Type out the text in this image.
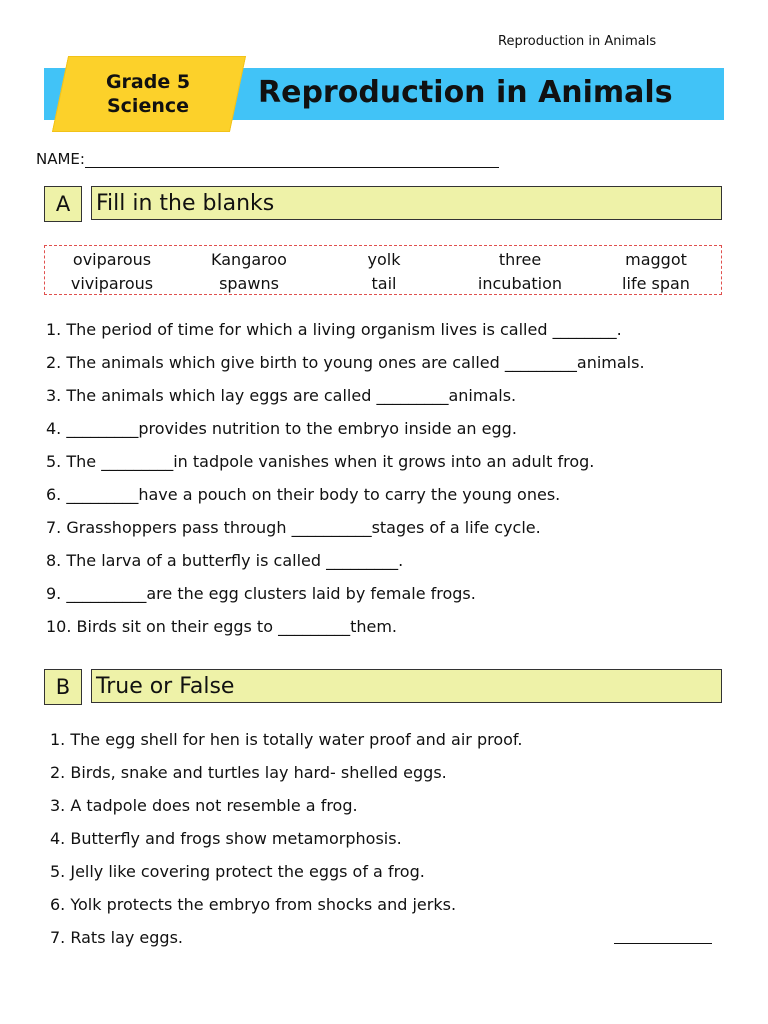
Reproduction in Animals
Grade 5
Science	Reproduction in Animals
NAME:
A	Fill in the blanks
oviparous	Kangaroo	yolk	three	maggot
viviparous	spawns	tail	incubation	life span
1. The period of time for which a living organism lives is called ________.
2. The animals which give birth to young ones are called _________animals.
3. The animals which lay eggs are called _________animals.
4. _________provides nutrition to the embryo inside an egg.
5. The _________in tadpole vanishes when it grows into an adult frog.
6. _________have a pouch on their body to carry the young ones.
7. Grasshoppers pass through __________stages of a life cycle.
8. The larva of a butterfly is called _________.
9. __________are the egg clusters laid by female frogs.
10. Birds sit on their eggs to _________them.
B	True or False
1. The egg shell for hen is totally water proof and air proof.
2. Birds, snake and turtles lay hard- shelled eggs.
3. A tadpole does not resemble a frog.
4. Butterfly and frogs show metamorphosis.
5. Jelly like covering protect the eggs of a frog.
6. Yolk protects the embryo from shocks and jerks.
7. Rats lay eggs.
